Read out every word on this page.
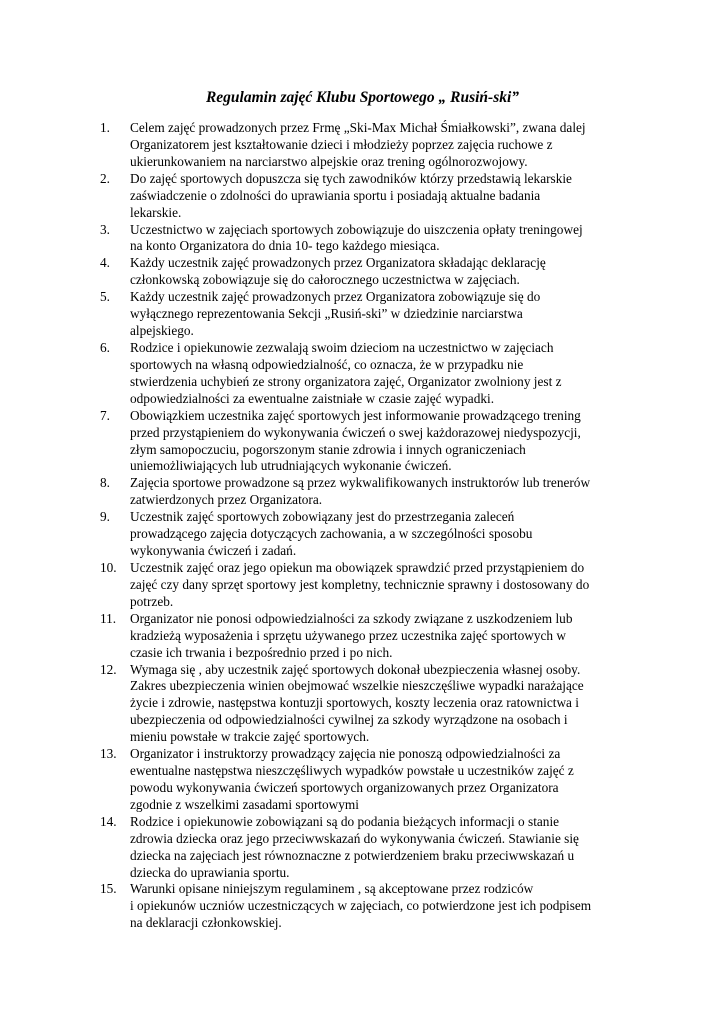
Regulamin zajęć Klubu Sportowego „ Rusiń-ski”
1.	Celem zajęć prowadzonych przez Frmę „Ski-Max Michał Śmiałkowski”, zwana dalej
Organizatorem jest kształtowanie dzieci i młodzieży poprzez zajęcia ruchowe z
ukierunkowaniem na narciarstwo alpejskie oraz trening ogólnorozwojowy.
2.	Do zajęć sportowych dopuszcza się tych zawodników którzy przedstawią lekarskie
zaświadczenie o zdolności do uprawiania sportu i posiadają aktualne badania
lekarskie.
3.	Uczestnictwo w zajęciach sportowych zobowiązuje do uiszczenia opłaty treningowej
na konto Organizatora do dnia 10- tego każdego miesiąca.
4.	Każdy uczestnik zajęć prowadzonych przez Organizatora składając deklarację
członkowską zobowiązuje się do całorocznego uczestnictwa w zajęciach.
5.	Każdy uczestnik zajęć prowadzonych przez Organizatora zobowiązuje się do
wyłącznego reprezentowania Sekcji „Rusiń-ski” w dziedzinie narciarstwa
alpejskiego.
6.	Rodzice i opiekunowie zezwalają swoim dzieciom na uczestnictwo w zajęciach
sportowych na własną odpowiedzialność, co oznacza, że w przypadku nie
stwierdzenia uchybień ze strony organizatora zajęć, Organizator zwolniony jest z
odpowiedzialności za ewentualne zaistniałe w czasie zajęć wypadki.
7.	Obowiązkiem uczestnika zajęć sportowych jest informowanie prowadzącego trening
przed przystąpieniem do wykonywania ćwiczeń o swej każdorazowej niedyspozycji,
złym samopoczuciu, pogorszonym stanie zdrowia i innych ograniczeniach
uniemożliwiających lub utrudniających wykonanie ćwiczeń.
8.	Zajęcia sportowe prowadzone są przez wykwalifikowanych instruktorów lub trenerów
zatwierdzonych przez Organizatora.
9.	Uczestnik zajęć sportowych zobowiązany jest do przestrzegania zaleceń
prowadzącego zajęcia dotyczących zachowania, a w szczególności sposobu
wykonywania ćwiczeń i zadań.
10.	Uczestnik zajęć oraz jego opiekun ma obowiązek sprawdzić przed przystąpieniem do
zajęć czy dany sprzęt sportowy jest kompletny, technicznie sprawny i dostosowany do
potrzeb.
11.	Organizator nie ponosi odpowiedzialności za szkody związane z uszkodzeniem lub
kradzieżą wyposażenia i sprzętu używanego przez uczestnika zajęć sportowych w
czasie ich trwania i bezpośrednio przed i po nich.
12.	Wymaga się , aby uczestnik zajęć sportowych dokonał ubezpieczenia własnej osoby.
Zakres ubezpieczenia winien obejmować wszelkie nieszczęśliwe wypadki narażające
życie i zdrowie, następstwa kontuzji sportowych, koszty leczenia oraz ratownictwa i
ubezpieczenia od odpowiedzialności cywilnej za szkody wyrządzone na osobach i
mieniu powstałe w trakcie zajęć sportowych.
13.	Organizator i instruktorzy prowadzący zajęcia nie ponoszą odpowiedzialności za
ewentualne następstwa nieszczęśliwych wypadków powstałe u uczestników zajęć z
powodu wykonywania ćwiczeń sportowych organizowanych przez Organizatora
zgodnie z wszelkimi zasadami sportowymi
14.	Rodzice i opiekunowie zobowiązani są do podania bieżących informacji o stanie
zdrowia dziecka oraz jego przeciwwskazań do wykonywania ćwiczeń. Stawianie się
dziecka na zajęciach jest równoznaczne z potwierdzeniem braku przeciwwskazań u
dziecka do uprawiania sportu.
15.	Warunki opisane niniejszym regulaminem , są akceptowane przez rodziców
i opiekunów uczniów uczestniczących w zajęciach, co potwierdzone jest ich podpisem
na deklaracji członkowskiej.
